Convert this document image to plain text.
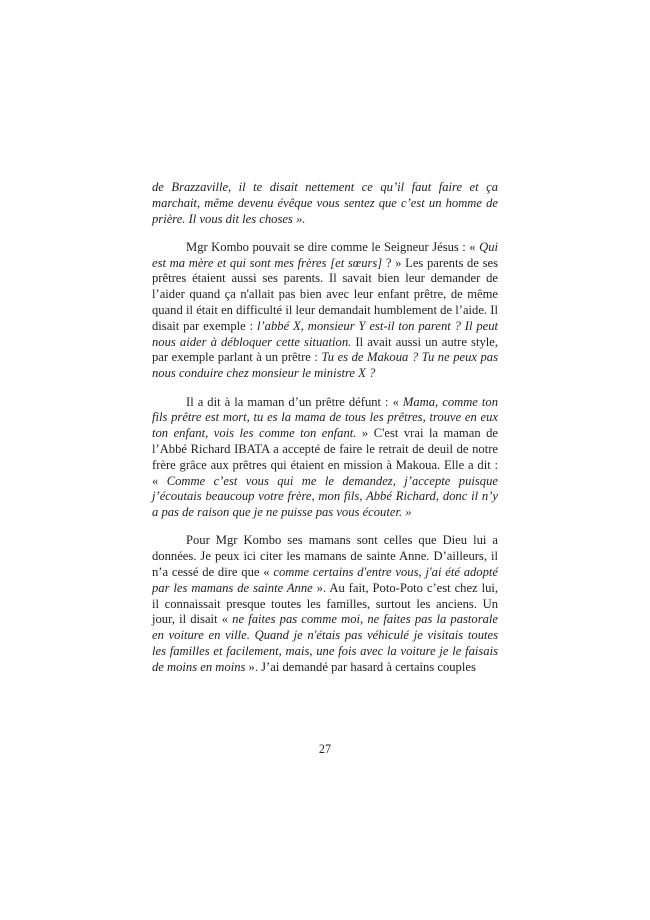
de Brazzaville, il te disait nettement ce qu’il faut faire et ça marchait, même devenu évêque vous sentez que c’est un homme de prière. Il vous dit les choses ».

Mgr Kombo pouvait se dire comme le Seigneur Jésus : « Qui est ma mère et qui sont mes frères [et sœurs] ? » Les parents de ses prêtres étaient aussi ses parents. Il savait bien leur demander de l’aider quand ça n'allait pas bien avec leur enfant prêtre, de même quand il était en difficulté il leur demandait humblement de l’aide. Il disait par exemple : l’abbé X, monsieur Y est-il ton parent ? Il peut nous aider à débloquer cette situation. Il avait aussi un autre style, par exemple parlant à un prêtre : Tu es de Makoua ? Tu ne peux pas nous conduire chez monsieur le ministre X ?

Il a dit à la maman d’un prêtre défunt : « Mama, comme ton fils prêtre est mort, tu es la mama de tous les prêtres, trouve en eux ton enfant, vois les comme ton enfant. » C'est vrai la maman de l’Abbé Richard IBATA a accepté de faire le retrait de deuil de notre frère grâce aux prêtres qui étaient en mission à Makoua. Elle a dit : « Comme c’est vous qui me le demandez, j’accepte puisque j’écoutais beaucoup votre frère, mon fils, Abbé Richard, donc il n’y a pas de raison que je ne puisse pas vous écouter. »

Pour Mgr Kombo ses mamans sont celles que Dieu lui a données. Je peux ici citer les mamans de sainte Anne. D’ailleurs, il n’a cessé de dire que « comme certains d'entre vous, j'ai été adopté par les mamans de sainte Anne ». Au fait, Poto-Poto c’est chez lui, il connaissait presque toutes les familles, surtout les anciens. Un jour, il disait « ne faites pas comme moi, ne faites pas la pastorale en voiture en ville. Quand je n'étais pas véhiculé je visitais toutes les familles et facilement, mais, une fois avec la voiture je le faisais de moins en moins ». J’ai demandé par hasard à certains couples

27
